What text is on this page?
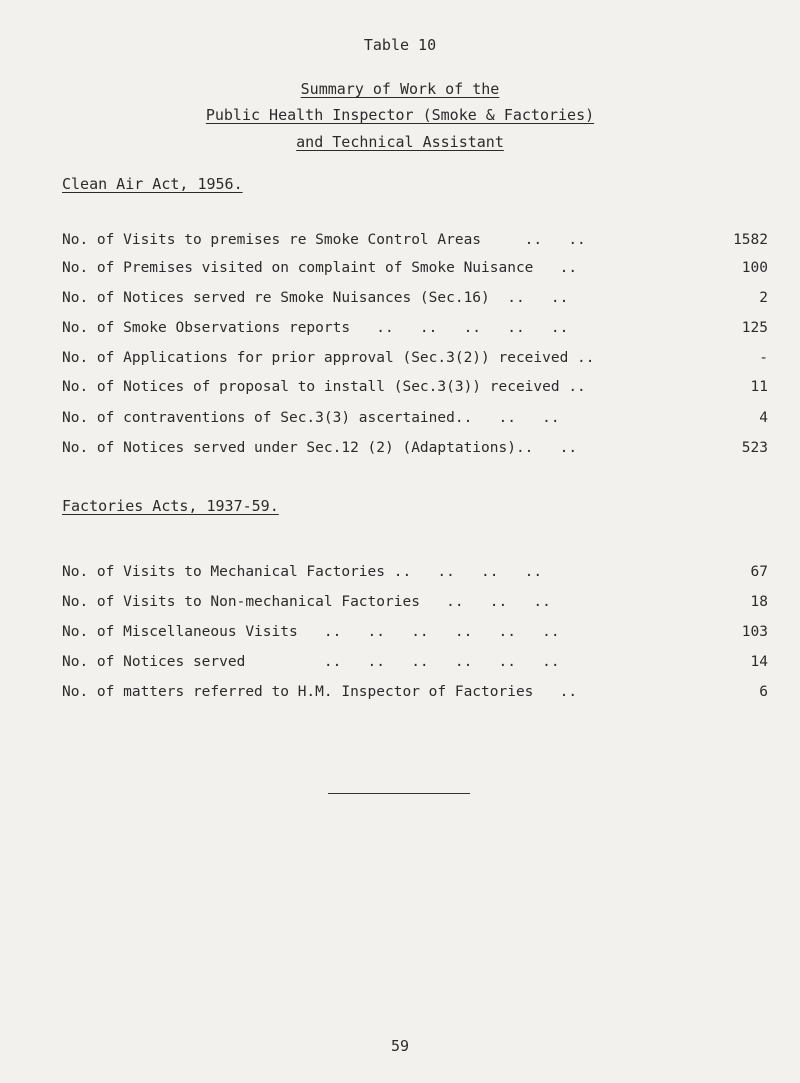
Table 10
Summary of Work of the
Public Health Inspector (Smoke & Factories)
and Technical Assistant
Clean Air Act, 1956.
No. of Visits to premises re Smoke Control Areas     ..   ..	1582
No. of Premises visited on complaint of Smoke Nuisance   ..	100
No. of Notices served re Smoke Nuisances (Sec.16)  ..   ..	2
No. of Smoke Observations reports   ..   ..   ..   ..   ..	125
No. of Applications for prior approval (Sec.3(2)) received ..	-
No. of Notices of proposal to install (Sec.3(3)) received ..	11
No. of contraventions of Sec.3(3) ascertained..   ..   ..	4
No. of Notices served under Sec.12 (2) (Adaptations)..   ..	523
Factories Acts, 1937-59.
No. of Visits to Mechanical Factories ..   ..   ..   ..	67
No. of Visits to Non-mechanical Factories   ..   ..   ..	18
No. of Miscellaneous Visits   ..   ..   ..   ..   ..   ..	103
No. of Notices served         ..   ..   ..   ..   ..   ..	14
No. of matters referred to H.M. Inspector of Factories   ..	6
59
